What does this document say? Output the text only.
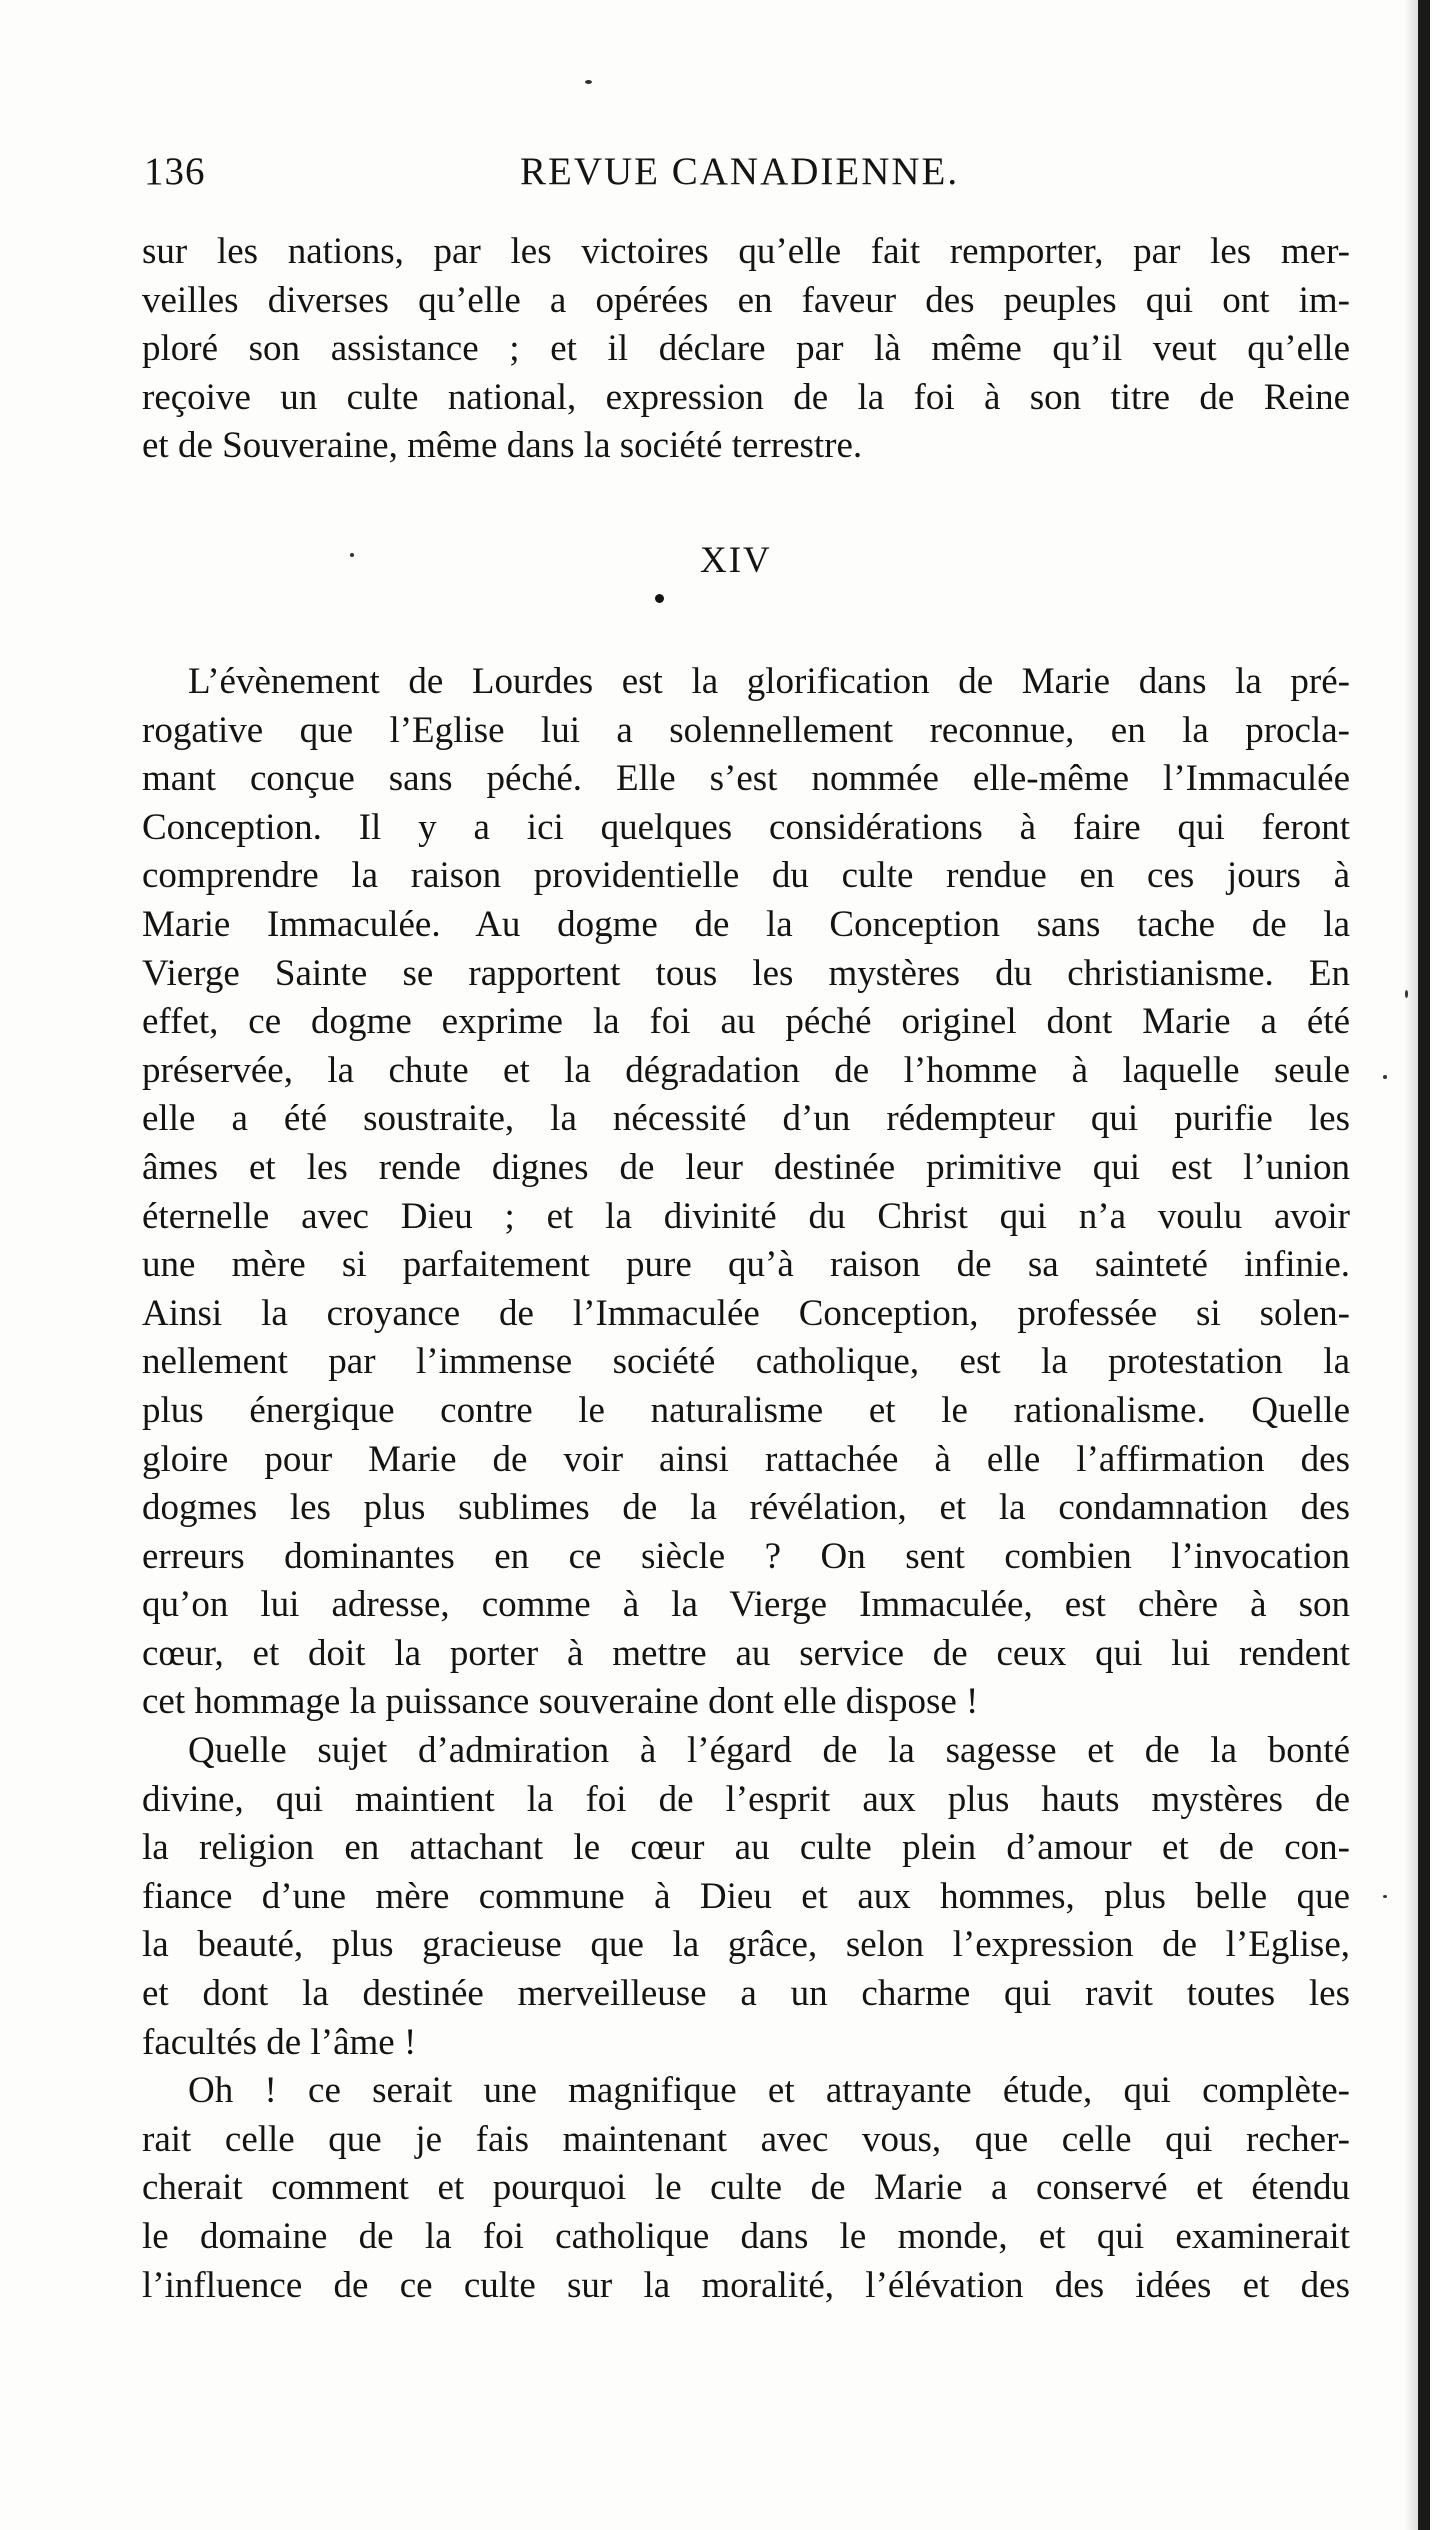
136	REVUE CANADIENNE.
sur les nations, par les victoires qu’elle fait remporter, par les mer-
veilles diverses qu’elle a opérées en faveur des peuples qui ont im-
ploré son assistance ; et il déclare par là même qu’il veut qu’elle
reçoive un culte national, expression de la foi à son titre de Reine
et de Souveraine, même dans la société terrestre.
XIV
L’évènement de Lourdes est la glorification de Marie dans la pré-
rogative que l’Eglise lui a solennellement reconnue, en la procla-
mant conçue sans péché. Elle s’est nommée elle-même l’Immaculée
Conception. Il y a ici quelques considérations à faire qui feront
comprendre la raison providentielle du culte rendue en ces jours à
Marie Immaculée. Au dogme de la Conception sans tache de la
Vierge Sainte se rapportent tous les mystères du christianisme. En
effet, ce dogme exprime la foi au péché originel dont Marie a été
préservée, la chute et la dégradation de l’homme à laquelle seule
elle a été soustraite, la nécessité d’un rédempteur qui purifie les
âmes et les rende dignes de leur destinée primitive qui est l’union
éternelle avec Dieu ; et la divinité du Christ qui n’a voulu avoir
une mère si parfaitement pure qu’à raison de sa sainteté infinie.
Ainsi la croyance de l’Immaculée Conception, professée si solen-
nellement par l’immense société catholique, est la protestation la
plus énergique contre le naturalisme et le rationalisme. Quelle
gloire pour Marie de voir ainsi rattachée à elle l’affirmation des
dogmes les plus sublimes de la révélation, et la condamnation des
erreurs dominantes en ce siècle ? On sent combien l’invocation
qu’on lui adresse, comme à la Vierge Immaculée, est chère à son
cœur, et doit la porter à mettre au service de ceux qui lui rendent
cet hommage la puissance souveraine dont elle dispose !
Quelle sujet d’admiration à l’égard de la sagesse et de la bonté
divine, qui maintient la foi de l’esprit aux plus hauts mystères de
la religion en attachant le cœur au culte plein d’amour et de con-
fiance d’une mère commune à Dieu et aux hommes, plus belle que
la beauté, plus gracieuse que la grâce, selon l’expression de l’Eglise,
et dont la destinée merveilleuse a un charme qui ravit toutes les
facultés de l’âme !
Oh ! ce serait une magnifique et attrayante étude, qui complète-
rait celle que je fais maintenant avec vous, que celle qui recher-
cherait comment et pourquoi le culte de Marie a conservé et étendu
le domaine de la foi catholique dans le monde, et qui examinerait
l’influence de ce culte sur la moralité, l’élévation des idées et des
